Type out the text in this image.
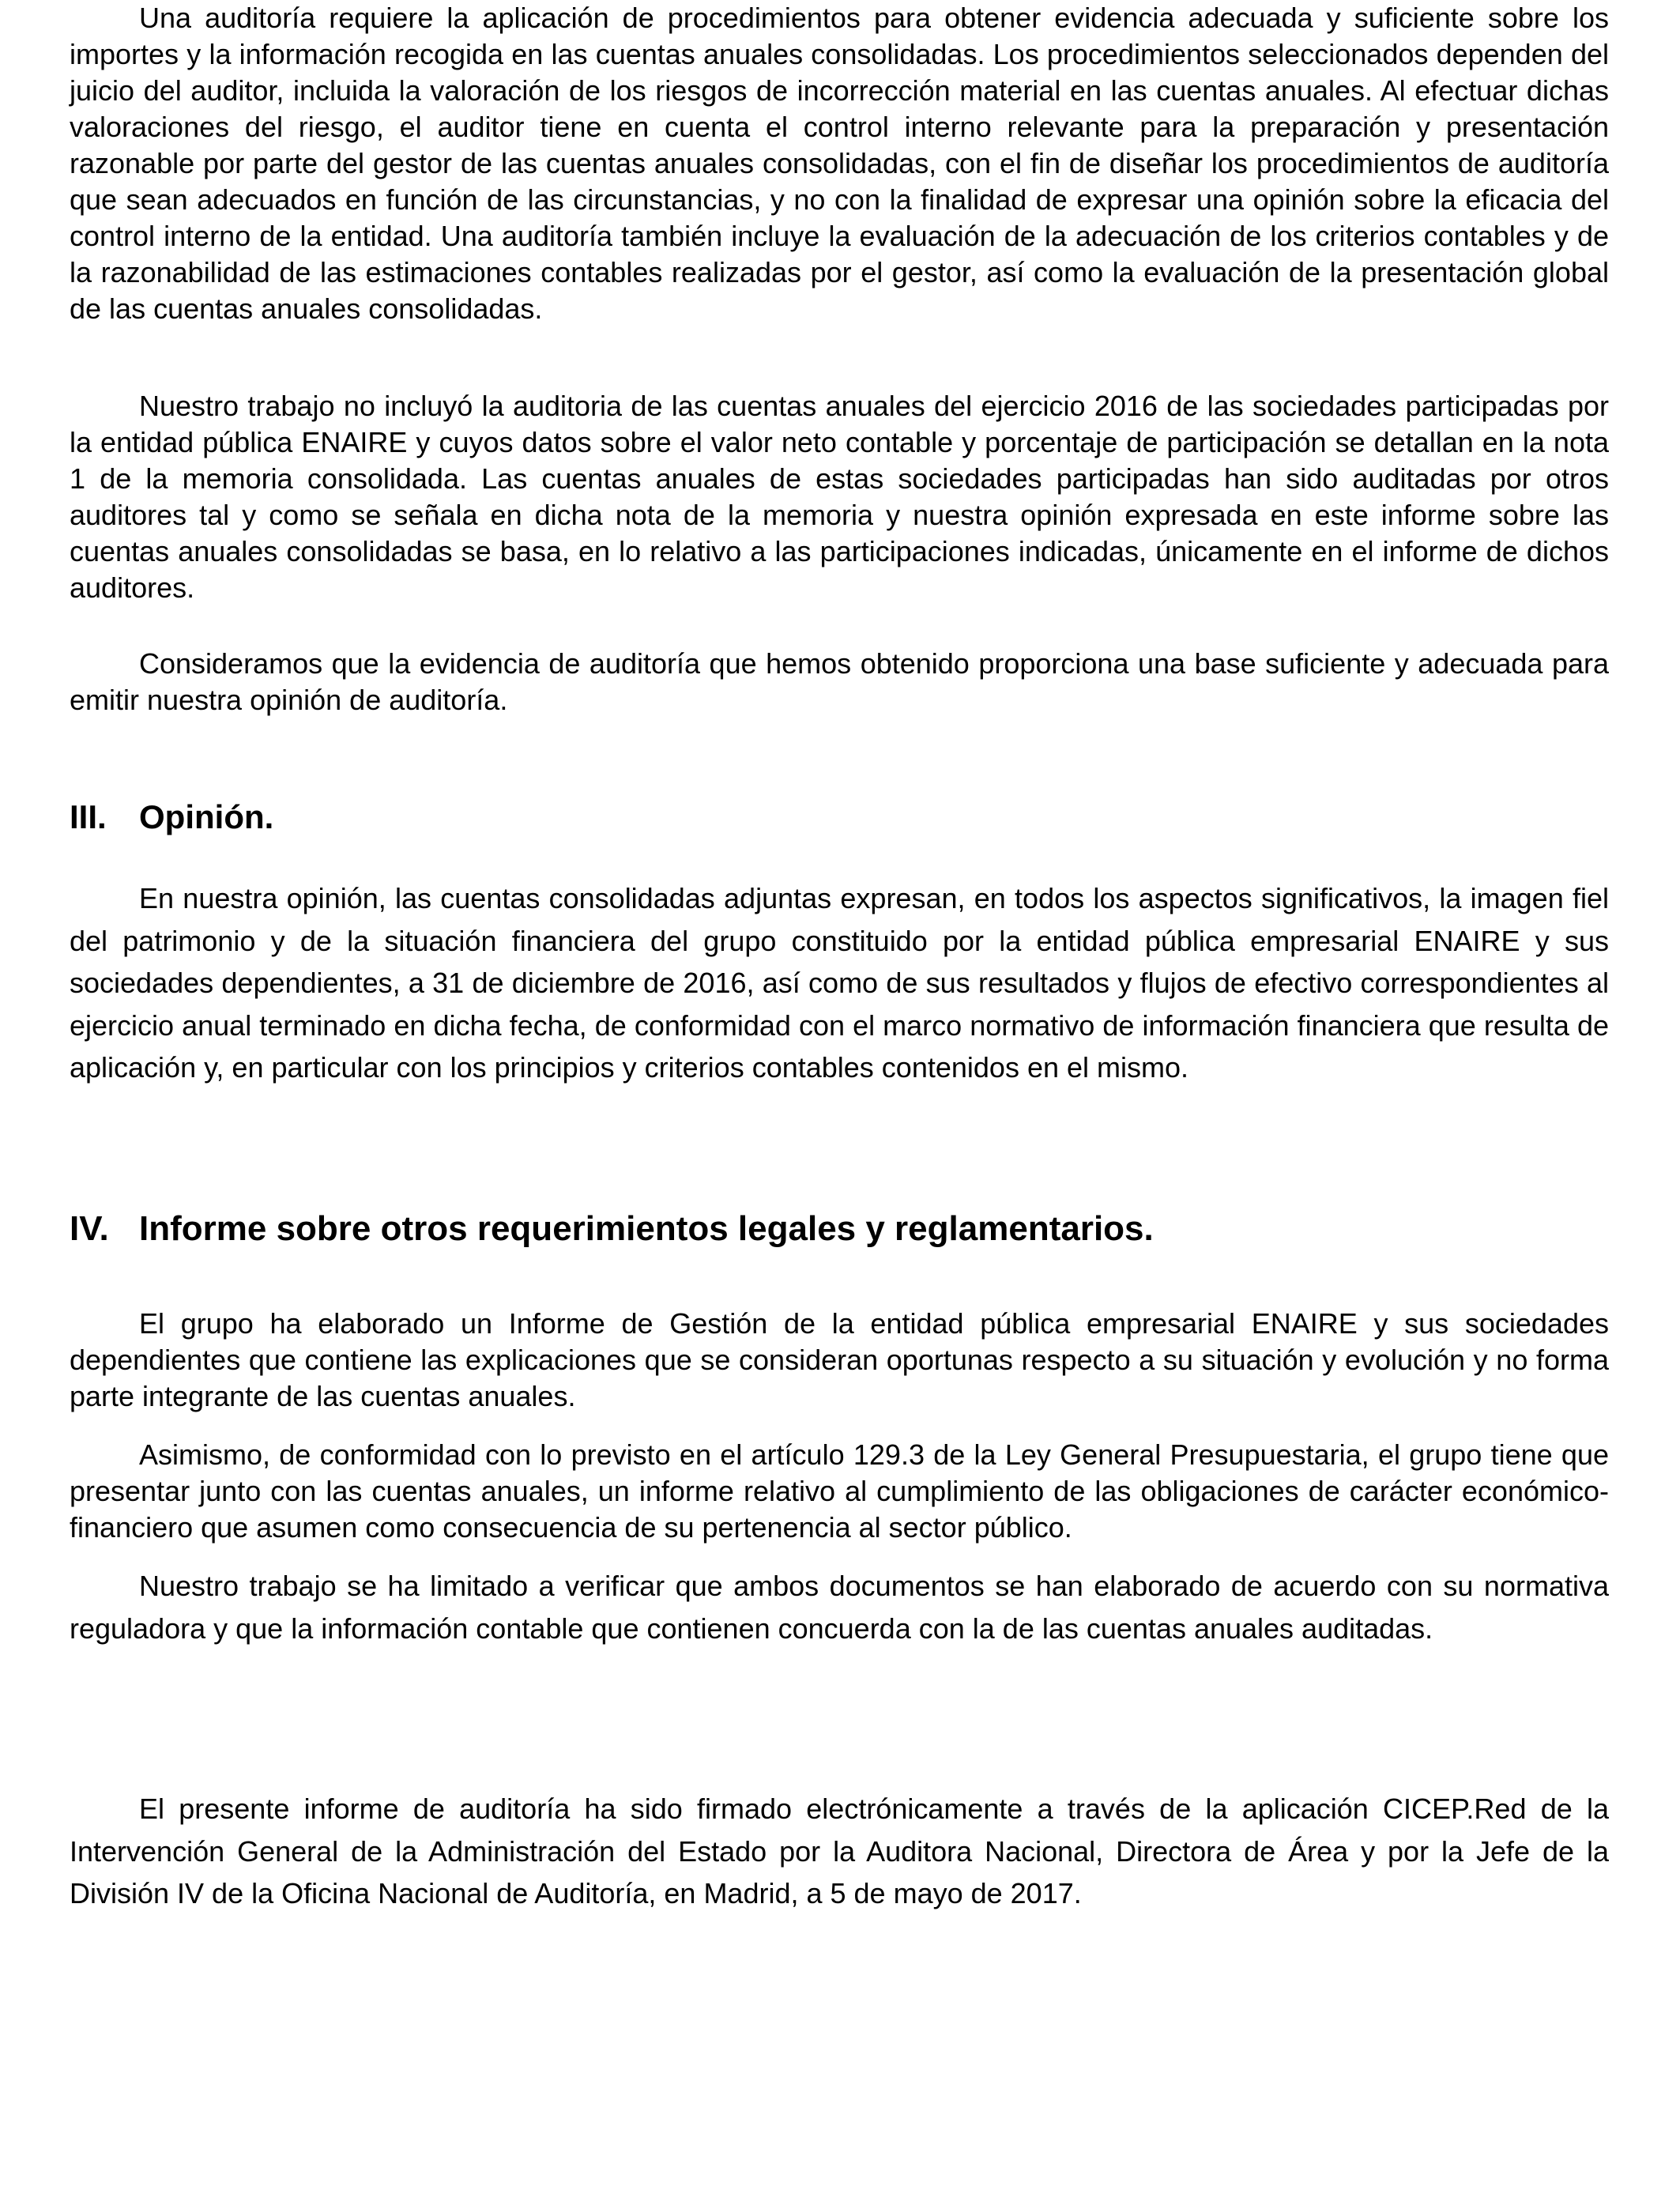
Una auditoría requiere la aplicación de procedimientos para obtener evidencia adecuada y suficiente sobre los importes y la información recogida en las cuentas anuales consolidadas. Los procedimientos seleccionados dependen del juicio del auditor, incluida la valoración de los riesgos de incorrección material en las cuentas anuales. Al efectuar dichas valoraciones del riesgo, el auditor tiene en cuenta el control interno relevante para la preparación y presentación razonable por parte del gestor de las cuentas anuales consolidadas, con el fin de diseñar los procedimientos de auditoría que sean adecuados en función de las circunstancias, y no con la finalidad de expresar una opinión sobre la eficacia del control interno de la entidad. Una auditoría también incluye la evaluación de la adecuación de los criterios contables y de la razonabilidad de las estimaciones contables realizadas por el gestor, así como la evaluación de la presentación global de las cuentas anuales consolidadas.

Nuestro trabajo no incluyó la auditoria de las cuentas anuales del ejercicio 2016 de las sociedades participadas por la entidad pública ENAIRE y cuyos datos sobre el valor neto contable y porcentaje de participación se detallan en la nota 1 de la memoria consolidada. Las cuentas anuales de estas sociedades participadas han sido auditadas por otros auditores tal y como se señala en dicha nota de la memoria y nuestra opinión expresada en este informe sobre las cuentas anuales consolidadas se basa, en lo relativo a las participaciones indicadas, únicamente en el informe de dichos auditores.

Consideramos que la evidencia de auditoría que hemos obtenido proporciona una base suficiente y adecuada para emitir nuestra opinión de auditoría.

III. Opinión.

En nuestra opinión, las cuentas consolidadas adjuntas expresan, en todos los aspectos significativos, la imagen fiel del patrimonio y de la situación financiera del grupo constituido por la entidad pública empresarial ENAIRE y sus sociedades dependientes, a 31 de diciembre de 2016, así como de sus resultados y flujos de efectivo correspondientes al ejercicio anual terminado en dicha fecha, de conformidad con el marco normativo de información financiera que resulta de aplicación y, en particular con los principios y criterios contables contenidos en el mismo.

IV. Informe sobre otros requerimientos legales y reglamentarios.

El grupo ha elaborado un Informe de Gestión de la entidad pública empresarial ENAIRE y sus sociedades dependientes que contiene las explicaciones que se consideran oportunas respecto a su situación y evolución y no forma parte integrante de las cuentas anuales.

Asimismo, de conformidad con lo previsto en el artículo 129.3 de la Ley General Presupuestaria, el grupo tiene que presentar junto con las cuentas anuales, un informe relativo al cumplimiento de las obligaciones de carácter económico-financiero que asumen como consecuencia de su pertenencia al sector público.

Nuestro trabajo se ha limitado a verificar que ambos documentos se han elaborado de acuerdo con su normativa reguladora y que la información contable que contienen concuerda con la de las cuentas anuales auditadas.

El presente informe de auditoría ha sido firmado electrónicamente a través de la aplicación CICEP.Red de la Intervención General de la Administración del Estado por la Auditora Nacional, Directora de Área y por la Jefe de la División IV de la Oficina Nacional de Auditoría, en Madrid, a 5 de mayo de 2017.
